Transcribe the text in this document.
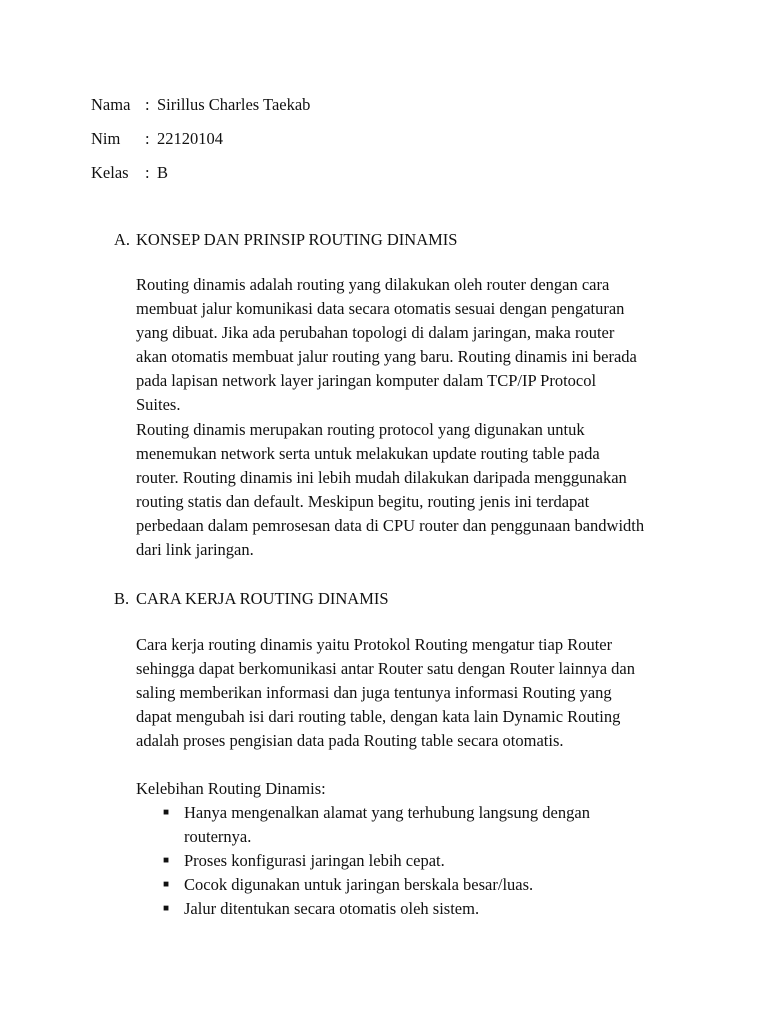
Nama : Sirillus Charles Taekab
Nim	: 22120104
Kelas : B
A. KONSEP DAN PRINSIP ROUTING DINAMIS
Routing dinamis adalah routing yang dilakukan oleh router dengan cara
membuat jalur komunikasi data secara otomatis sesuai dengan pengaturan
yang dibuat. Jika ada perubahan topologi di dalam jaringan, maka router
akan otomatis membuat jalur routing yang baru. Routing dinamis ini berada
pada lapisan network layer jaringan komputer dalam TCP/IP Protocol
Suites.
Routing dinamis merupakan routing protocol yang digunakan untuk
menemukan network serta untuk melakukan update routing table pada
router. Routing dinamis ini lebih mudah dilakukan daripada menggunakan
routing statis dan default. Meskipun begitu, routing jenis ini terdapat
perbedaan dalam pemrosesan data di CPU router dan penggunaan bandwidth
dari link jaringan.
B. CARA KERJA ROUTING DINAMIS
Cara kerja routing dinamis yaitu Protokol Routing mengatur tiap Router
sehingga dapat berkomunikasi antar Router satu dengan Router lainnya dan
saling memberikan informasi dan juga tentunya informasi Routing yang
dapat mengubah isi dari routing table, dengan kata lain Dynamic Routing
adalah proses pengisian data pada Routing table secara otomatis.
Kelebihan Routing Dinamis:
■ Hanya mengenalkan alamat yang terhubung langsung dengan
routernya.
■ Proses konfigurasi jaringan lebih cepat.
■ Cocok digunakan untuk jaringan berskala besar/luas.
■ Jalur ditentukan secara otomatis oleh sistem.
